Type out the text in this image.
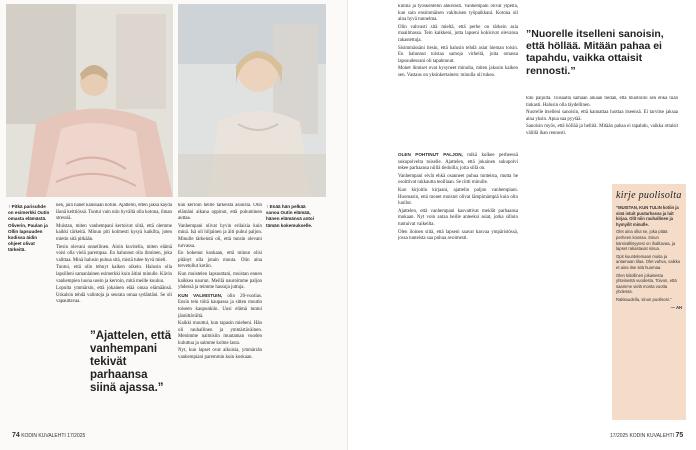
↑ Pitkä parisuhde on esimerkki Outin omasta elämästä. Oliverin, Paulan ja Ollin lapsuuden kodissa äidin ohjeet olivat tärkeitä.

nen, jäin hänet kanssaan kotiin. Ajattelin, etten jaksa käydä läsnä keittiössä. Tuntui vain niin hyvältä olla kotona, ilman stressiä.

Muistan, miten vanhempani kertoivat siitä, että olemme kaikki tärkeitä. Minun piti kolmesti kysyä kaikilta, joten mietin sitä pitkään.

Tiesin olevani onnellinen. Aloin kuvitella, miten elämä voisi olla vielä parempaa. En halunnut olla ihminen, joka valittaa. Minä halusin puhua sitä, mistä tulee hyvä mieli.

Tuntui, että olin tehnyt kaiken oikein. Halusin olla lapsilleni samanlainen esimerkki kuin äitini minulle. Kävin vanhempien luona usein ja kerroin, mitä meille kuuluu.

Lopulta ymmärsin, että jokainen elää omaa elämäänsä. Uskalsin tehdä valintoja ja seurata omaa sydäntäni. Se oli vapauttavaa.

”Ajattelen, että vanhempani tekivät parhaansa siinä ajassa.”

kun kerroin heille tärkeistä asioista. Olin elämäni aikana oppinut, että puhuminen auttaa.

Vanhempani olivat hyvin erilaisia kuin minä. Isä oli hiljainen ja äiti puhui paljon. Minulle tärkeintä oli, että tunsin olevani turvassa.

En kokenut koskaan, että minun olisi pitänyt olla jotain muuta. Olin aina tervetullut kotiin.

Kun muistelen lapsuuttani, muistan ennen kaikkea naurun. Meillä nauroimme paljon yhdessä ja teimme hassuja juttuja.

KUN VALMISTUIN, olin 20-vuotias. Ensin tein töitä kaupassa ja sitten muutin toiseen kaupunkiin. Uusi elämä tuntui jännittävältä.

Kaikki muuttui, kun tapasin mieheni. Hän oli rauhallinen ja ymmärtäväinen. Menimme naimisiin muutaman vuoden kuluttua ja saimme kolme lasta.

Nyt, kun lapset ovat aikuisia, ymmärrän vanhempiani paremmin kuin koskaan.

↑ Enää hän pelkää sanoa Outin elämää, hänen elämänsä antoi tämän kokemukselle.
74 KODIN KUVALEHTI 17/2025

kiintiä ja työskentelin ahkerasti. Vanhempani olivat ylpeitä, kun sain ensimmäisen vakituisen työpaikkani. Kotona oli aina hyvä tunnelma.

Olin vahvasti sitä mieltä, että perhe on tärkein asia maailmassa. Tein kaikkeni, jotta lapseni kokisivat olevansa rakastettuja.

Sisimmässäni tiesin, että halusin tehdä asiat hieman toisin. En halunnut toistaa samoja virheitä, joita omassa lapsuudessani oli tapahtunut.

Monet ihmiset ovat kysyneet minulta, miten jaksoin kaiken sen. Vastaus on yksinkertainen: minulla oli tukea.

OLEN POHTINUT PALJON, mikä kulkee perheessä sukupolvelta toiselle. Ajattelen, että jokainen sukupolvi tekee parhaansa niillä tiedoilla, joita sillä on.

Vanhempani eivät ehkä osanneet puhua tunteista, mutta he osoittivat rakkautta teoillaan. Se riitti minulle.

Kun kirjoitin kirjaani, ajattelin paljon vanhempiani. Huomasin, että monet muistot olivat lämpimämpiä kuin olin luullut.

Ajattelen, että vanhempani kasvattivat meidät parhaansa mukaan. Nyt voin antaa heille anteeksi asiat, jotka silloin tuntuivat vaikeilta.

Olen iloinen siitä, että lapseni saavat kasvaa ympäristössä, jossa tunteista saa puhua avoimesti.

”Nuorelle itselleni sanoisin, että höllää. Mitään pahaa ei tapahdu, vaikka ottaisit rennosti.”

töni paljolta. Toisaalta samaan aikaan tiedän, että muotoilin sen ehkä liian tiukasti. Halusin olla täydellinen.

Nuorelle itselleni sanoisin, että kannattaa luottaa itseensä. Ei tarvitse jaksaa aina yksin. Apua saa pyytää.

Sanoisin myös, että höllää ja hellitä. Mitään pahaa ei tapahdu, vaikka ottaisit välillä ihan rennosti.

17/2025 KODIN KUVALEHTI 75
kirje puolisolta

”MUISTAN, KUN TULIN kotiin ja sinä istuit puutarhassa ja luit kirjaa. Olit niin rauhallinen ja hymyilit minulle.

Olet aina ollut se, joka pitää perheen koossa. Sinun kärsivällisyytesi on ihailtavaa, ja lapset rakastavat sinua.

Opit kuuntelemaan muita ja antamaan tilaa. Olet vahva, vaikka et aina itse sitä huomaa.

Olen kiitollinen jokaisesta yhteisestä vuodesta. Toivon, että saamme vielä monta vuotta yhdessä.

Rakkaudella, sinun puolisosi.”

— AH
